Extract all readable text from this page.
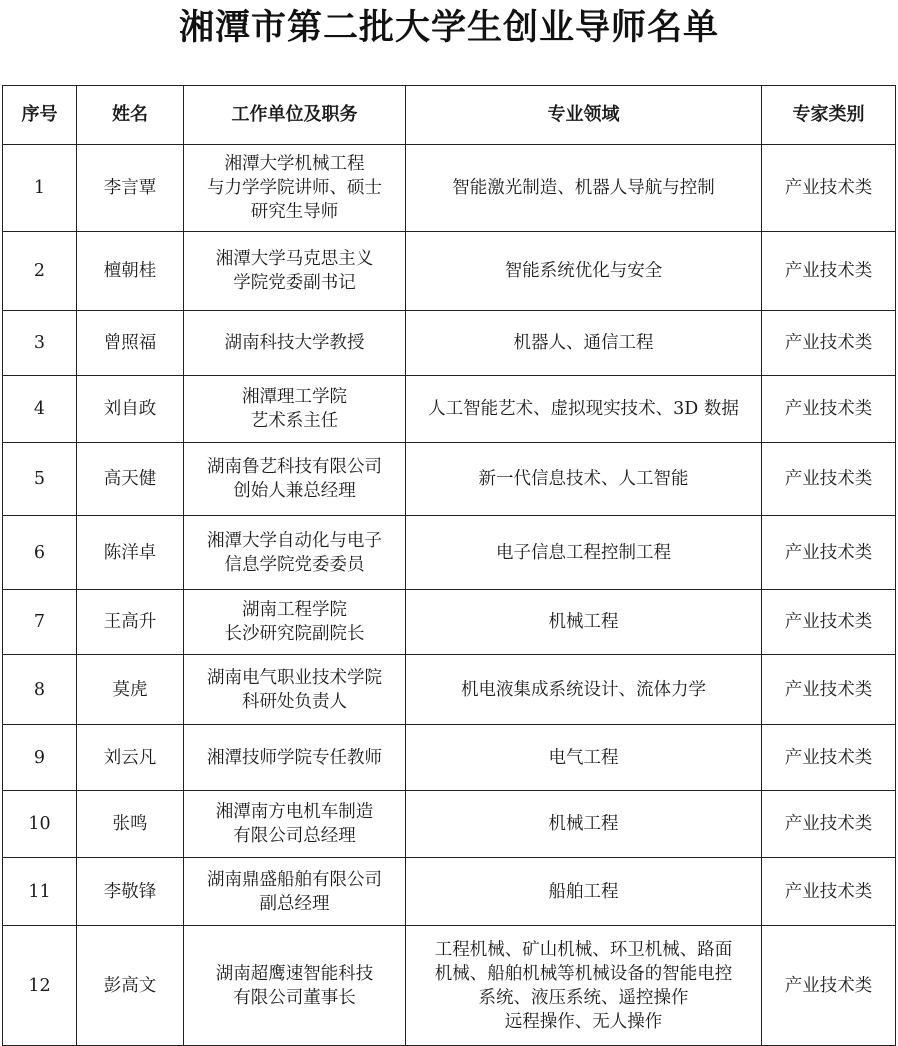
湘潭市第二批大学生创业导师名单
序号	姓名	工作单位及职务	专业领域	专家类别
1	李言覃	湘潭大学机械工程
与力学学院讲师、硕士
研究生导师	智能激光制造、机器人导航与控制	产业技术类
2	檀朝桂	湘潭大学马克思主义
学院党委副书记	智能系统优化与安全	产业技术类
3	曾照福	湖南科技大学教授	机器人、通信工程	产业技术类
4	刘自政	湘潭理工学院
艺术系主任	人工智能艺术、虚拟现实技术、3D 数据	产业技术类
5	高天健	湖南鲁艺科技有限公司
创始人兼总经理	新一代信息技术、人工智能	产业技术类
6	陈洋卓	湘潭大学自动化与电子
信息学院党委委员	电子信息工程控制工程	产业技术类
7	王高升	湖南工程学院
长沙研究院副院长	机械工程	产业技术类
8	莫虎	湖南电气职业技术学院
科研处负责人	机电液集成系统设计、流体力学	产业技术类
9	刘云凡	湘潭技师学院专任教师	电气工程	产业技术类
10	张鸣	湘潭南方电机车制造
有限公司总经理	机械工程	产业技术类
11	李敬锋	湖南鼎盛船舶有限公司
副总经理	船舶工程	产业技术类
12	彭高文	湖南超鹰速智能科技
有限公司董事长	工程机械、矿山机械、环卫机械、路面
机械、船舶机械等机械设备的智能电控
系统、液压系统、遥控操作
远程操作、无人操作	产业技术类
